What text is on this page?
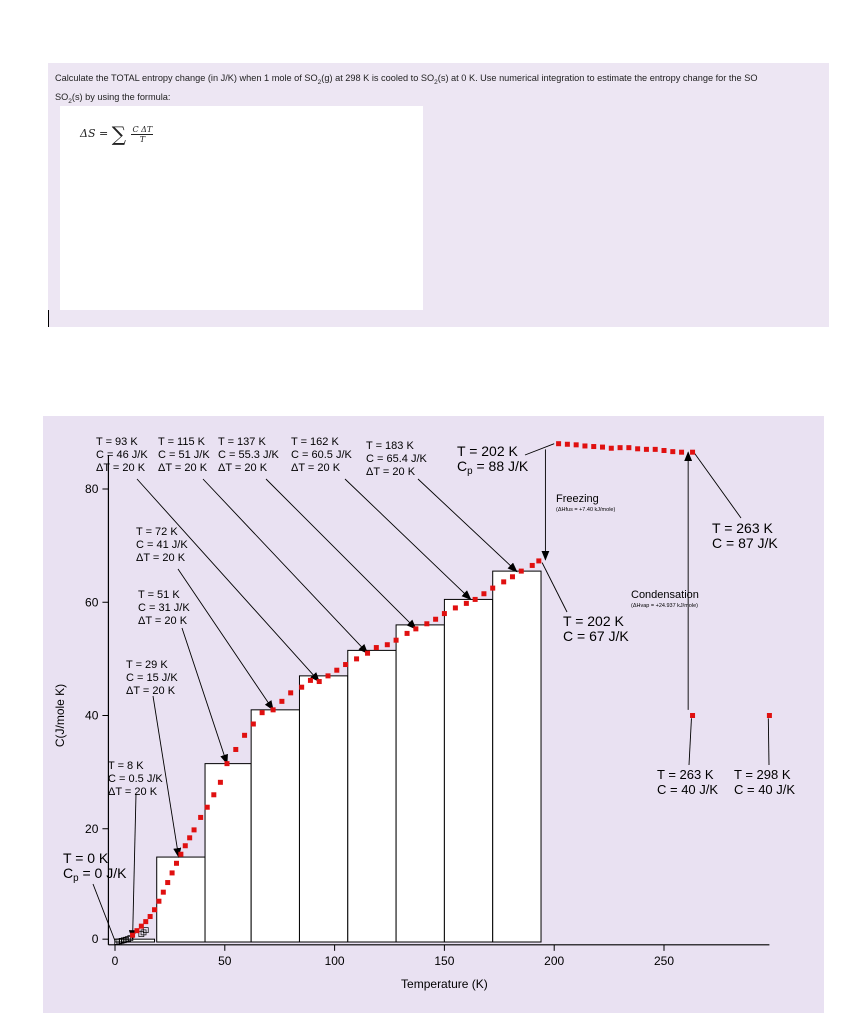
Calculate the TOTAL entropy change (in J/K) when 1 mole of $SO_2(g)$ at 298 K is cooled to $SO_2(s)$ at 0 K. Use numerical integration to estimate the entropy change for the SO
$SO_2(s)$ by using the formula:
ΔS = ∑ $\frac{\text{C ΔT}}{T}$
0	50	100	150	200	250
0
20
40
60
80
Temperature (K)
C(J/mole K)
T = 93 K C = 46 J/K ΔT = 20 K
T = 115 K C = 51 J/K ΔT = 20 K
T = 137 K C = 55.3 J/K ΔT = 20 K
T = 162 K C = 60.5 J/K ΔT = 20 K
T = 183 K C = 65.4 J/K ΔT = 20 K
T = 202 K $C_p = 88$ J/K
T = 72 K C = 41 J/K ΔT = 20 K
T = 51 K C = 31 J/K ΔT = 20 K
T = 29 K C = 15 J/K ΔT = 20 K
T = 8 K C = 0.5 J/K ΔT = 20 K
T = 0 K $C_p = 0$ J/K
T = 263 K C = 87 J/K
T = 202 K C = 67 J/K
T = 263 K C = 40 J/K
T = 298 K C = 40 J/K
Freezing
(ΔHfus = +7.40 kJ/mole)
Condensation
(ΔHvap = +24.937 kJ/mole)
